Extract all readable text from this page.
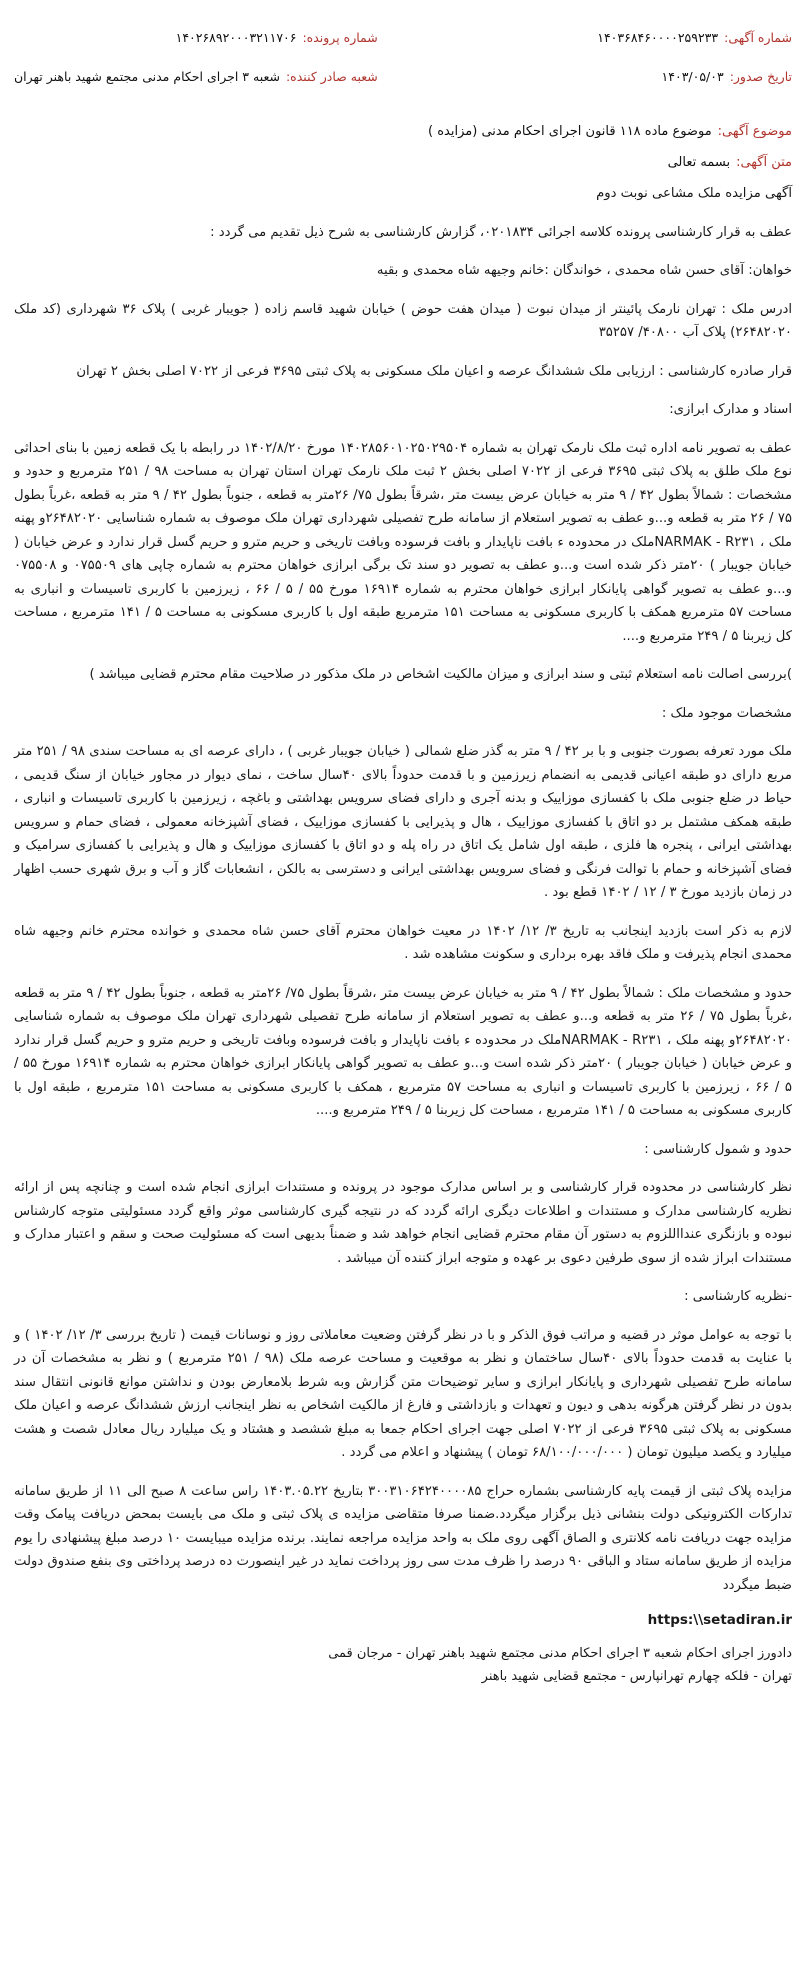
شماره آگهی:۱۴۰۳۶۸۴۶۰۰۰۰۲۵۹۲۳۳
تاریخ صدور:۱۴۰۳/۰۵/۰۳
شماره پرونده:۱۴۰۲۶۸۹۲۰۰۰۳۲۱۱۷۰۶
شعبه صادر کننده:شعبه ۳ اجرای احکام مدنی مجتمع شهید باهنر تهران
موضوع آگهی:موضوع ماده ۱۱۸ قانون اجرای احکام مدنی (مزایده )
متن آگهی:بسمه تعالی

آگهی مزایده ملک مشاعی نوبت دوم

عطف به قرار کارشناسی پرونده کلاسه اجرائی ۰۲۰۱۸۳۴، گزارش کارشناسی به شرح ذیل تقدیم می گردد :

خواهان: آقای حسن شاه محمدی ، خواندگان :خانم وجیهه شاه محمدی و بقیه

ادرس ملک : تهران نارمک پائینتر از میدان نبوت ( میدان هفت حوض ) خیابان شهید قاسم زاده ( جویبار غربی ) پلاک ۳۶ شهرداری (کد ملک ۲۶۴۸۲۰۲۰) پلاک آب ۴۰۸۰۰/ ۳۵۲۵۷

قرار صادره کارشناسی : ارزیابی ملک ششدانگ عرصه و اعیان ملک مسکونی به پلاک ثبتی ۳۶۹۵ فرعی از ۷۰۲۲ اصلی بخش ۲ تهران

اسناد و مدارک ابرازی:

عطف به تصویر نامه اداره ثبت ملک نارمک تهران به شماره ۱۴۰۲۸۵۶۰۱۰۲۵۰۲۹۵۰۴ مورخ ۱۴۰۲/۸/۲۰ در رابطه با یک قطعه زمین با بنای احداثی نوع ملک طلق به پلاک ثبتی ۳۶۹۵ فرعی از ۷۰۲۲ اصلی بخش ۲ ثبت ملک نارمک تهران استان تهران به مساحت ۹۸ / ۲۵۱ مترمربع و حدود و مشخصات : شمالاً بطول ۴۲ / ۹ متر به خیابان عرض بیست متر ،شرقاً بطول ۷۵/ ۲۶متر به قطعه ، جنوباً بطول ۴۲ / ۹ متر به قطعه ،غرباً بطول ۷۵ / ۲۶ متر به قطعه و...و عطف به تصویر استعلام از سامانه طرح تفصیلی شهرداری تهران ملک موصوف به شماره شناسایی ۲۶۴۸۲۰۲۰و پهنه ملک ، NARMAK - R۲۳۱ملک در محدوده ء بافت ناپایدار و بافت فرسوده وبافت تاریخی و حریم مترو و حریم گسل قرار ندارد و عرض خیابان ( خیابان جویبار ) ۲۰متر ذکر شده است و...و عطف به تصویر دو سند تک برگی ابرازی خواهان محترم به شماره چاپی های ۰۷۵۵۰۹ و ۰۷۵۵۰۸ و...و عطف به تصویر گواهی پایانکار ابرازی خواهان محترم به شماره ۱۶۹۱۴ مورخ ۵۵ / ۵ / ۶۶ ، زیرزمین با کاربری تاسیسات و انباری به مساحت ۵۷ مترمربع همکف با کاربری مسکونی به مساحت ۱۵۱ مترمربع طبقه اول با کاربری مسکونی به مساحت ۵ / ۱۴۱ مترمربع ، مساحت کل زیربنا ۵ / ۲۴۹ مترمربع و....

)بررسی اصالت نامه استعلام ثبتی و سند ابرازی و میزان مالکیت اشخاص در ملک مذکور در صلاحیت مقام محترم قضایی میباشد )

مشخصات موجود ملک :

ملک مورد تعرفه بصورت جنوبی و با بر ۴۲ / ۹ متر به گذر ضلع شمالی ( خیابان جویبار غربی ) ، دارای عرصه ای به مساحت سندی ۹۸ / ۲۵۱ متر مربع دارای دو طبقه اعیانی قدیمی به انضمام زیرزمین و با قدمت حدوداً بالای ۴۰سال ساخت ، نمای دیوار در مجاور خیابان از سنگ قدیمی ، حیاط در ضلع جنوبی ملک با کفسازی موزاییک و بدنه آجری و دارای فضای سرویس بهداشتی و باغچه ، زیرزمین با کاربری تاسیسات و انباری ، طبقه همکف مشتمل بر دو اتاق با کفسازی موزاییک ، هال و پذیرایی با کفسازی موزاییک ، فضای آشپزخانه معمولی ، فضای حمام و سرویس بهداشتی ایرانی ، پنجره ها فلزی ، طبقه اول شامل یک اتاق در راه پله و دو اتاق با کفسازی موزاییک و هال و پذیرایی با کفسازی سرامیک و فضای آشپزخانه و حمام با توالت فرنگی و فضای سرویس بهداشتی ایرانی و دسترسی به بالکن ، انشعابات گاز و آب و برق شهری حسب اظهار در زمان بازدید مورخ ۳ / ۱۲ / ۱۴۰۲ قطع بود .

لازم به ذکر است بازدید اینجانب به تاریخ ۳/ ۱۲/ ۱۴۰۲ در معیت خواهان محترم آقای حسن شاه محمدی و خوانده محترم خانم وجیهه شاه محمدی انجام پذیرفت و ملک فاقد بهره برداری و سکونت مشاهده شد .

حدود و مشخصات ملک : شمالاً بطول ۴۲ / ۹ متر به خیابان عرض بیست متر ،شرقاً بطول ۷۵/ ۲۶متر به قطعه ، جنوباً بطول ۴۲ / ۹ متر به قطعه ،غرباً بطول ۷۵ / ۲۶ متر به قطعه و...و عطف به تصویر استعلام از سامانه طرح تفصیلی شهرداری تهران ملک موصوف به شماره شناسایی ۲۶۴۸۲۰۲۰و پهنه ملک ، NARMAK - R۲۳۱ملک در محدوده ء بافت ناپایدار و بافت فرسوده وبافت تاریخی و حریم مترو و حریم گسل قرار ندارد و عرض خیابان ( خیابان جویبار ) ۲۰متر ذکر شده است و...و عطف به تصویر گواهی پایانکار ابرازی خواهان محترم به شماره ۱۶۹۱۴ مورخ ۵۵ / ۵ / ۶۶ ، زیرزمین با کاربری تاسیسات و انباری به مساحت ۵۷ مترمربع ، همکف با کاربری مسکونی به مساحت ۱۵۱ مترمربع ، طبقه اول با کاربری مسکونی به مساحت ۵ / ۱۴۱ مترمربع ، مساحت کل زیربنا ۵ / ۲۴۹ مترمربع و....

حدود و شمول کارشناسی :

نظر کارشناسی در محدوده قرار کارشناسی و بر اساس مدارک موجود در پرونده و مستندات ابرازی انجام شده است و چنانچه پس از ارائه نظریه کارشناسی مدارک و مستندات و اطلاعات دیگری ارائه گردد که در نتیجه گیری کارشناسی موثر واقع گردد مسئولیتی متوجه کارشناس نبوده و بازنگری عندااللزوم به دستور آن مقام محترم قضایی انجام خواهد شد و ضمناً بدیهی است که مسئولیت صحت و سقم و اعتبار مدارک و مستندات ابراز شده از سوی طرفین دعوی بر عهده و متوجه ابراز کننده آن میباشد .

-نظریه کارشناسی :

با توجه به عوامل موثر در قضیه و مراتب فوق الذکر و با در نظر گرفتن وضعیت معاملاتی روز و نوسانات قیمت ( تاریخ بررسی ۳/ ۱۲/ ۱۴۰۲ ) و با عنایت به قدمت حدوداً بالای ۴۰سال ساختمان و نظر به موقعیت و مساحت عرصه ملک (۹۸ / ۲۵۱ مترمربع ) و نظر به مشخصات آن در سامانه طرح تفصیلی شهرداری و پایانکار ابرازی و سایر توضیحات متن گزارش وبه شرط بلامعارض بودن و نداشتن موانع قانونی انتقال سند بدون در نظر گرفتن هرگونه بدهی و دیون و تعهدات و بازداشتی و فارغ از مالکیت اشخاص به نظر اینجانب ارزش ششدانگ عرصه و اعیان ملک مسکونی به پلاک ثبتی ۳۶۹۵ فرعی از ۷۰۲۲ اصلی جهت اجرای احکام جمعا به مبلغ ششصد و هشتاد و یک میلیارد ریال معادل شصت و هشت میلیارد و یکصد میلیون تومان ( ۶۸/۱۰۰/۰۰۰/۰۰۰ تومان ) پیشنهاد و اعلام می گردد .

مزایده پلاک ثبتی از قیمت پایه کارشناسی بشماره حراج ۳۰۰۳۱۰۶۴۲۴۰۰۰۰۸۵ بتاریخ ۱۴۰۳.۰۵.۲۲ راس ساعت ۸ صبح الی ۱۱ از طریق سامانه تدارکات الکترونیکی دولت بنشانی ذیل برگزار میگردد.ضمنا صرفا متقاضی مزایده ی پلاک ثبتی و ملک می بایست بمحض دریافت پیامک وقت مزایده جهت دریافت نامه کلانتری و الصاق آگهی روی ملک به واحد مزایده مراجعه نمایند. برنده مزایده میبایست ۱۰ درصد مبلغ پیشنهادی را یوم مزایده از طریق سامانه ستاد و الباقی ۹۰ درصد را ظرف مدت سی روز پرداخت نماید در غیر اینصورت ده درصد پرداختی وی بنفع صندوق دولت ضبط میگردد

https:\\setadiran.ir

دادورز اجرای احکام شعبه ۳ اجرای احکام مدنی مجتمع شهید باهنر تهران - مرجان قمی

تهران - فلکه چهارم تهرانپارس - مجتمع قضایی شهید باهنر
